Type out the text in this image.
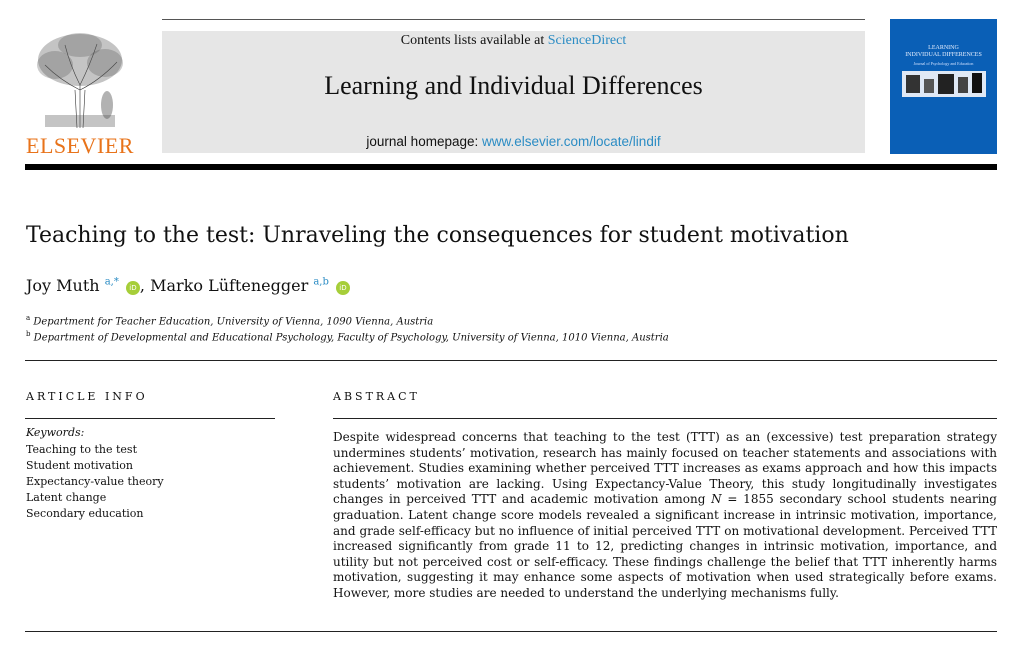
ELSEVIER
Contents lists available at ScienceDirect
Learning and Individual Differences
journal homepage: www.elsevier.com/locate/lindif
LEARNING
INDIVIDUAL DIFFERENCES
Journal of Psychology and Education
Teaching to the test: Unraveling the consequences for student motivation
Joy Muth $^{a,*}$ iD , Marko Lüftenegger $^{a,b}$ iD
$^a$ Department for Teacher Education, University of Vienna, 1090 Vienna, Austria
$^b$ Department of Developmental and Educational Psychology, Faculty of Psychology, University of Vienna, 1010 Vienna, Austria
ARTICLE INFO	ABSTRACT
Keywords:
Teaching to the test
Student motivation
Expectancy-value theory
Latent change
Secondary education
Despite widespread concerns that teaching to the test (TTT) as an (excessive) test preparation strategy undermines students’ motivation, research has mainly focused on teacher statements and associations with achievement. Studies examining whether perceived TTT increases as exams approach and how this impacts students’ motivation are lacking. Using Expectancy-Value Theory, this study longitudinally investigates changes in perceived TTT and academic motivation among N = 1855 secondary school students nearing graduation. Latent change score models revealed a significant increase in intrinsic motivation, importance, and grade self-efficacy but no influence of initial perceived TTT on motivational development. Perceived TTT increased significantly from grade 11 to 12, predicting changes in intrinsic motivation, importance, and utility but not perceived cost or self-efficacy. These findings challenge the belief that TTT inherently harms motivation, suggesting it may enhance some aspects of motivation when used strategically before exams. However, more studies are needed to understand the underlying mechanisms fully.
